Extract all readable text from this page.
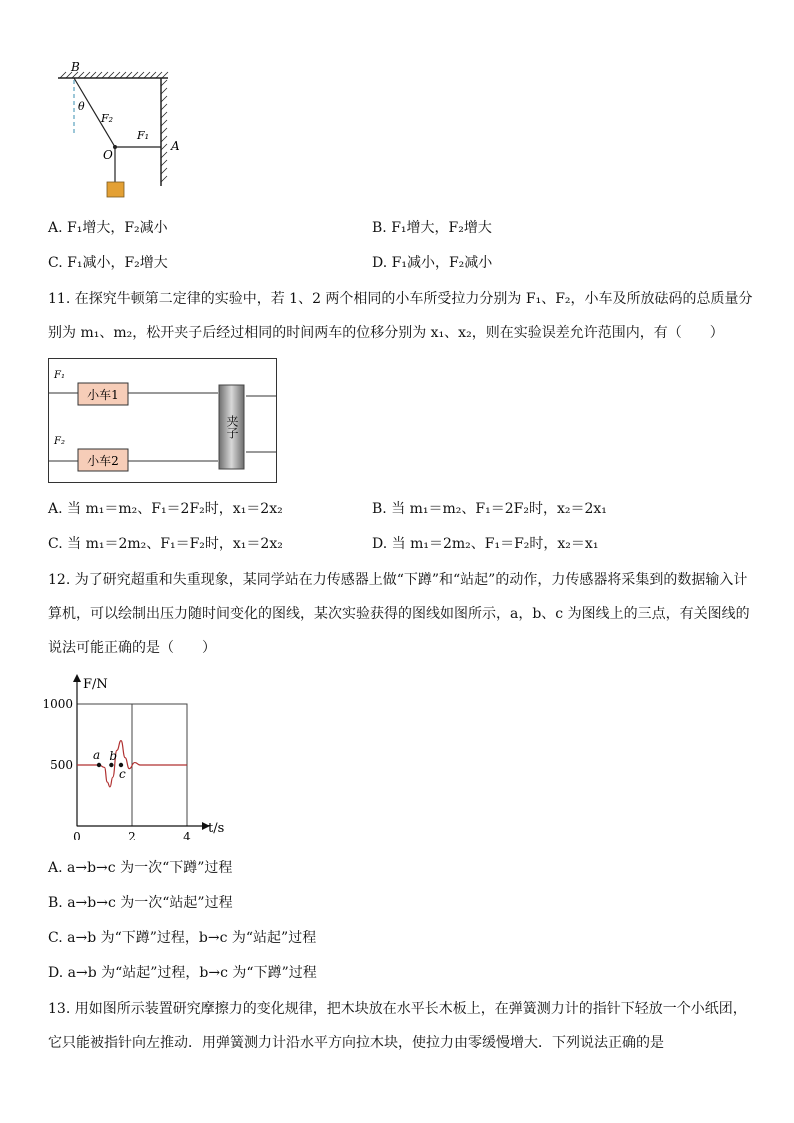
B
θ
F₂
F₁
O
A
A. F₁增大，F₂减小	B. F₁增大，F₂增大
C. F₁减小，F₂增大	D. F₁减小，F₂减小
11. 在探究牛顿第二定律的实验中，若 1、2 两个相同的小车所受拉力分别为 F₁、F₂，小车及所放砝码的总质量分
别为 m₁、m₂，松开夹子后经过相同的时间两车的位移分别为 x₁、x₂，则在实验误差允许范围内，有（　　）
F₁
F₂
小车1
小车2
夹子
A. 当 m₁＝m₂、F₁＝2F₂时，x₁＝2x₂	B. 当 m₁＝m₂、F₁＝2F₂时，x₂＝2x₁
C. 当 m₁＝2m₂、F₁＝F₂时，x₁＝2x₂	D. 当 m₁＝2m₂、F₁＝F₂时，x₂＝x₁
12. 为了研究超重和失重现象，某同学站在力传感器上做“下蹲”和“站起”的动作，力传感器将采集到的数据输入计
算机，可以绘制出压力随时间变化的图线，某次实验获得的图线如图所示，a，b、c 为图线上的三点，有关图线的
说法可能正确的是（　　）
F/N
t/s
500
1000
0	2	4
a b
c
A. a→b→c 为一次“下蹲”过程
B. a→b→c 为一次“站起”过程
C. a→b 为“下蹲”过程，b→c 为“站起”过程
D. a→b 为“站起”过程，b→c 为“下蹲”过程
13. 用如图所示装置研究摩擦力的变化规律，把木块放在水平长木板上，在弹簧测力计的指针下轻放一个小纸团，
它只能被指针向左推动．用弹簧测力计沿水平方向拉木块，使拉力由零缓慢增大．下列说法正确的是
